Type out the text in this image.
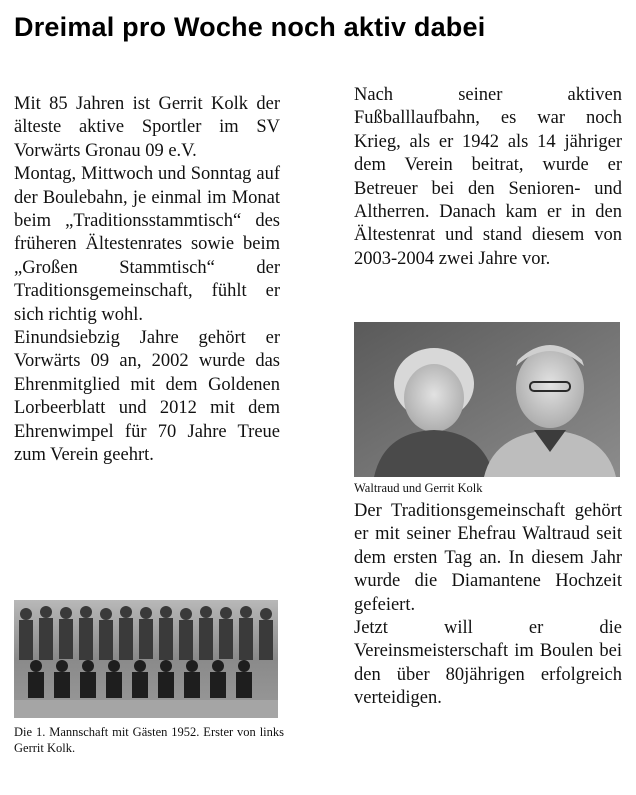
Dreimal pro Woche noch aktiv dabei

Mit 85 Jahren ist Gerrit Kolk der älteste aktive Sportler im SV Vorwärts Gronau 09 e.V.

Montag, Mittwoch und Sonntag auf der Boulebahn, je einmal im Monat beim „Traditionsstammtisch“ des früheren Ältestenrates sowie beim „Großen Stammtisch“ der Traditionsgemeinschaft, fühlt er sich richtig wohl.

Einundsiebzig Jahre gehört er Vorwärts 09 an, 2002 wurde das Ehrenmitglied mit dem Goldenen Lorbeerblatt und 2012 mit dem Ehrenwimpel für 70 Jahre Treue zum Verein geehrt.

Die 1. Mannschaft mit Gästen 1952. Erster von links Gerrit Kolk.

Nach seiner aktiven Fußballlaufbahn, es war noch Krieg, als er 1942 als 14 jähriger dem Verein beitrat, wurde er Betreuer bei den Senioren- und Altherren. Danach kam er in den Ältestenrat und stand diesem von 2003-2004 zwei Jahre vor.

Waltraud und Gerrit Kolk

Der Traditionsgemeinschaft gehört er mit seiner Ehefrau Waltraud seit dem ersten Tag an. In diesem Jahr wurde die Diamantene Hochzeit gefeiert.

Jetzt will er die Vereinsmeisterschaft im Boulen bei den über 80jährigen erfolgreich verteidigen.
